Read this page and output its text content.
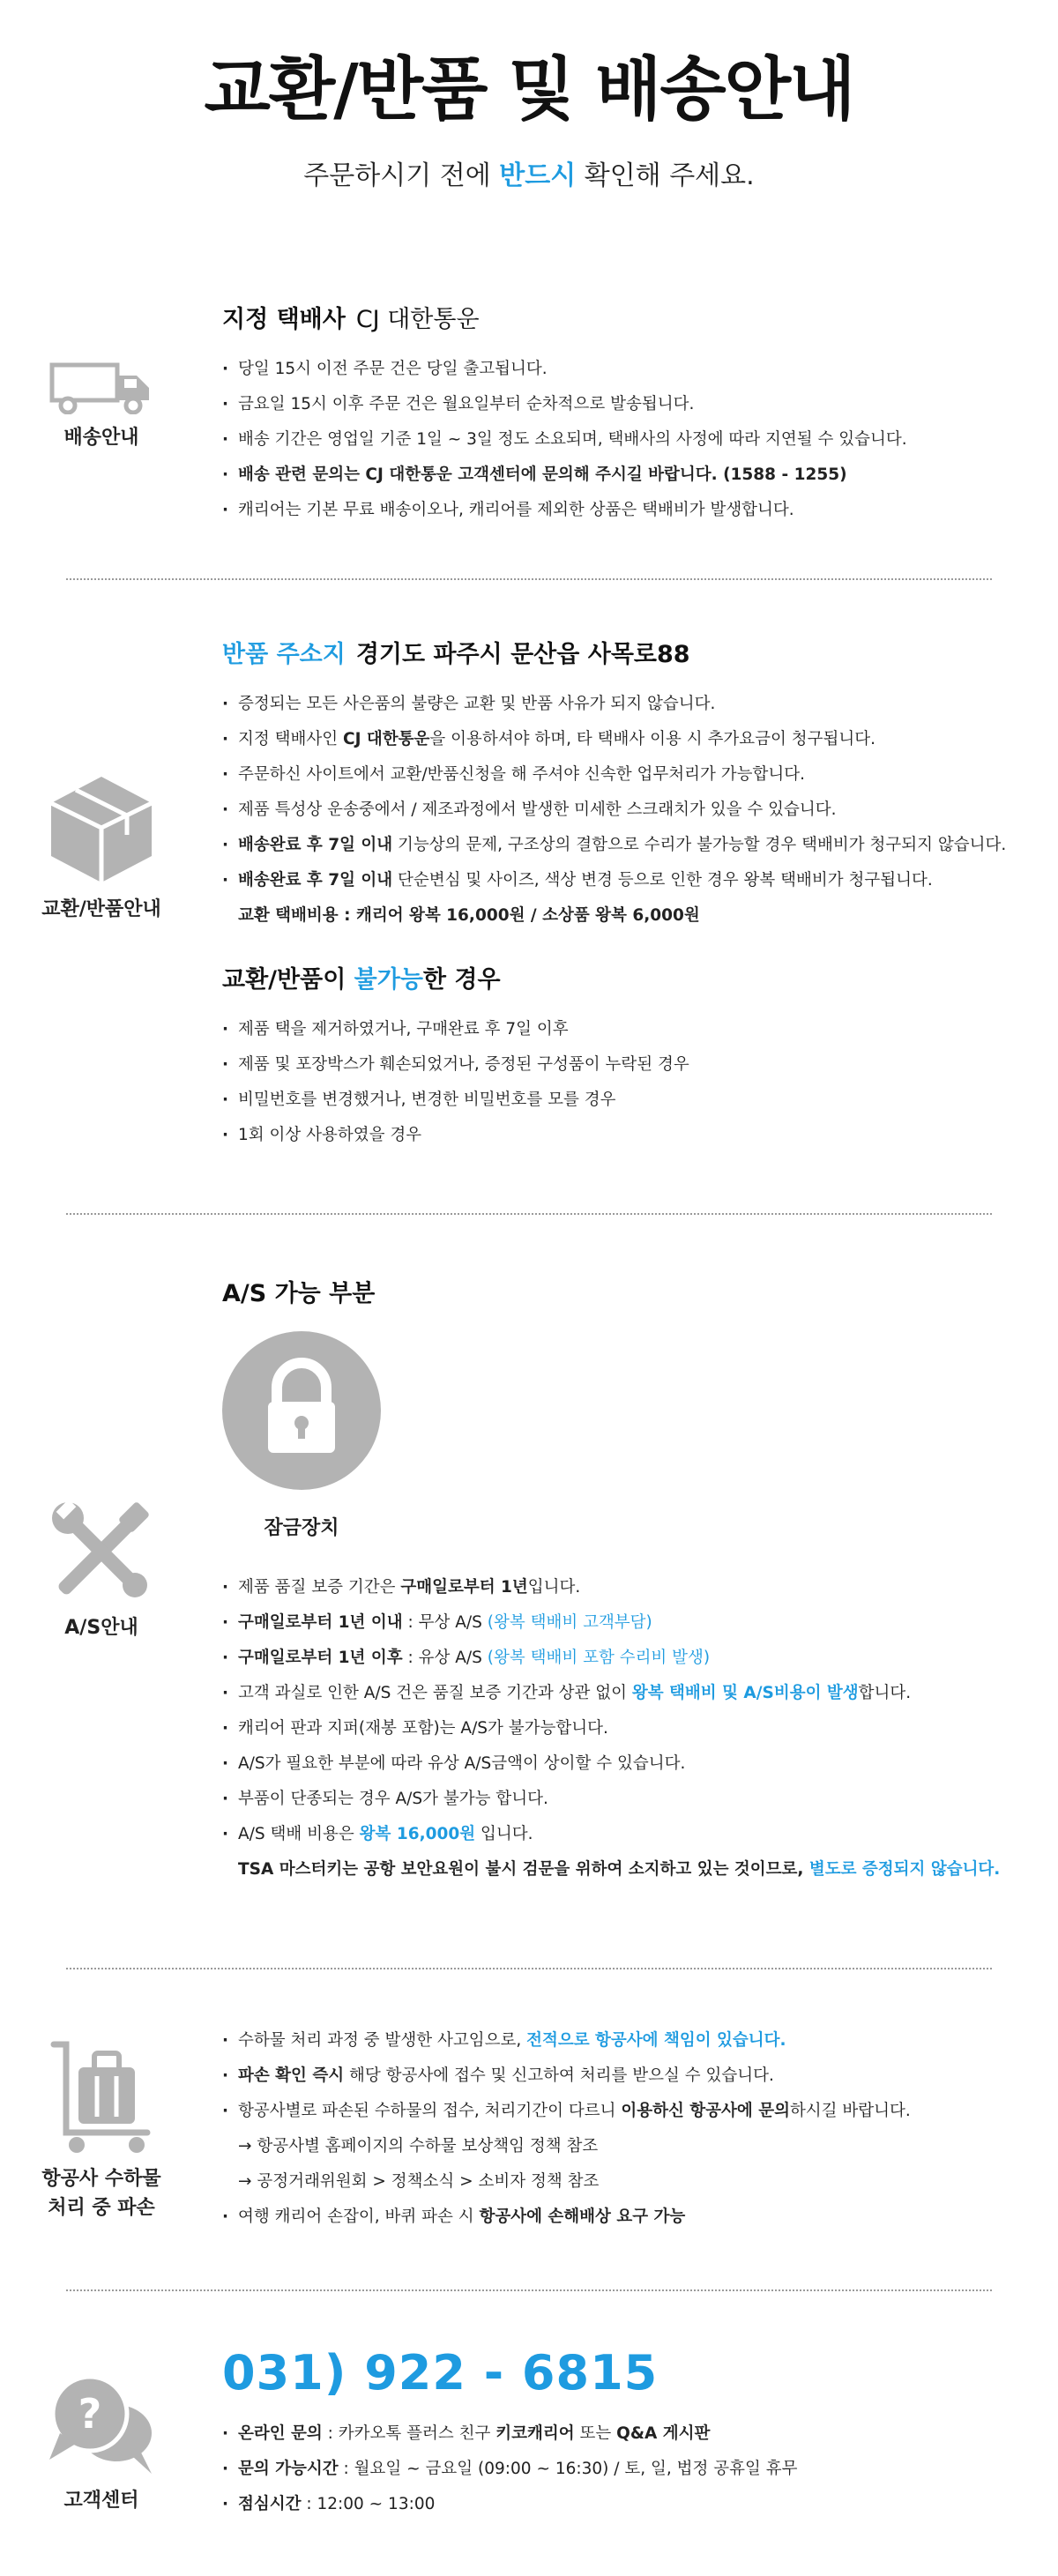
교환/반품 및 배송안내
주문하시기 전에 반드시 확인해 주세요.
배송안내
지정 택배사 CJ 대한통운
· 당일 15시 이전 주문 건은 당일 출고됩니다.
· 금요일 15시 이후 주문 건은 월요일부터 순차적으로 발송됩니다.
· 배송 기간은 영업일 기준 1일 ~ 3일 정도 소요되며, 택배사의 사정에 따라 지연될 수 있습니다.
· 배송 관련 문의는 CJ 대한통운 고객센터에 문의해 주시길 바랍니다. (1588 - 1255)
· 캐리어는 기본 무료 배송이오나, 캐리어를 제외한 상품은 택배비가 발생합니다.
교환/반품안내
반품 주소지 경기도 파주시 문산읍 사목로88
· 증정되는 모든 사은품의 불량은 교환 및 반품 사유가 되지 않습니다.
· 지정 택배사인 CJ 대한통운을 이용하셔야 하며, 타 택배사 이용 시 추가요금이 청구됩니다.
· 주문하신 사이트에서 교환/반품신청을 해 주셔야 신속한 업무처리가 가능합니다.
· 제품 특성상 운송중에서 / 제조과정에서 발생한 미세한 스크래치가 있을 수 있습니다.
· 배송완료 후 7일 이내 기능상의 문제, 구조상의 결함으로 수리가 불가능할 경우 택배비가 청구되지 않습니다.
· 배송완료 후 7일 이내 단순변심 및 사이즈, 색상 변경 등으로 인한 경우 왕복 택배비가 청구됩니다.
교환 택배비용 : 캐리어 왕복 16,000원 / 소상품 왕복 6,000원
교환/반품이 불가능한 경우
· 제품 택을 제거하였거나, 구매완료 후 7일 이후
· 제품 및 포장박스가 훼손되었거나, 증정된 구성품이 누락된 경우
· 비밀번호를 변경했거나, 변경한 비밀번호를 모를 경우
· 1회 이상 사용하였을 경우
A/S안내
A/S 가능 부분
잠금장치
· 제품 품질 보증 기간은 구매일로부터 1년입니다.
· 구매일로부터 1년 이내 : 무상 A/S (왕복 택배비 고객부담)
· 구매일로부터 1년 이후 : 유상 A/S (왕복 택배비 포함 수리비 발생)
· 고객 과실로 인한 A/S 건은 품질 보증 기간과 상관 없이 왕복 택배비 및 A/S비용이 발생합니다.
· 캐리어 판과 지퍼(재봉 포함)는 A/S가 불가능합니다.
· A/S가 필요한 부분에 따라 유상 A/S금액이 상이할 수 있습니다.
· 부품이 단종되는 경우 A/S가 불가능 합니다.
· A/S 택배 비용은 왕복 16,000원 입니다.
TSA 마스터키는 공항 보안요원이 불시 검문을 위하여 소지하고 있는 것이므로, 별도로 증정되지 않습니다.
항공사 수하물
처리 중 파손
· 수하물 처리 과정 중 발생한 사고임으로, 전적으로 항공사에 책임이 있습니다.
· 파손 확인 즉시 해당 항공사에 접수 및 신고하여 처리를 받으실 수 있습니다.
· 항공사별로 파손된 수하물의 접수, 처리기간이 다르니 이용하신 항공사에 문의하시길 바랍니다.
→ 항공사별 홈페이지의 수하물 보상책임 정책 참조
→ 공정거래위원회 > 정책소식 > 소비자 정책 참조
· 여행 캐리어 손잡이, 바퀴 파손 시 항공사에 손해배상 요구 가능
?
고객센터
031) 922 - 6815
· 온라인 문의 : 카카오톡 플러스 친구 키코캐리어 또는 Q&A 게시판
· 문의 가능시간 : 월요일 ~ 금요일 (09:00 ~ 16:30) / 토, 일, 법정 공휴일 휴무
· 점심시간 : 12:00 ~ 13:00
